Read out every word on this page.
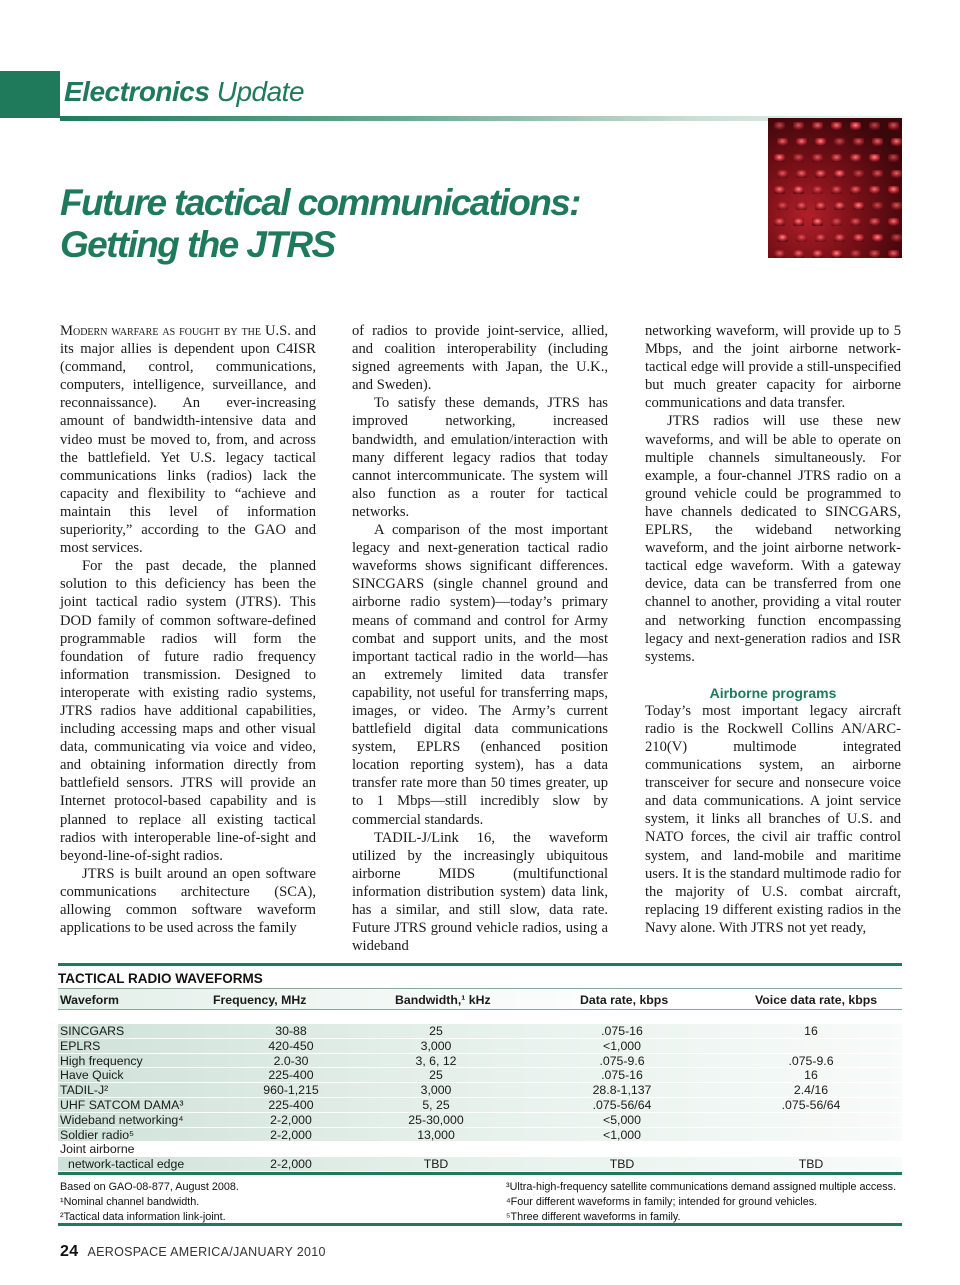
Electronics Update
Future tactical communications:
Getting the JTRS

Modern warfare as fought by the U.S. and its major allies is dependent upon C4ISR (command, control, communications, computers, intelligence, surveillance, and reconnaissance). An ever-increasing amount of bandwidth-intensive data and video must be moved to, from, and across the battlefield. Yet U.S. legacy tactical communications links (radios) lack the capacity and flexibility to “achieve and maintain this level of information superiority,” according to the GAO and most services.

For the past decade, the planned solution to this deficiency has been the joint tactical radio system (JTRS). This DOD family of common software-defined programmable radios will form the foundation of future radio frequency information transmission. Designed to interoperate with existing radio systems, JTRS radios have additional capabilities, including accessing maps and other visual data, communicating via voice and video, and obtaining information directly from battlefield sensors. JTRS will provide an Internet protocol-based capability and is planned to replace all existing tactical radios with interoperable line-of-sight and beyond-line-of-sight radios.

JTRS is built around an open software communications architecture (SCA), allowing common software waveform applications to be used across the family

of radios to provide joint-service, allied, and coalition interoperability (including signed agreements with Japan, the U.K., and Sweden).

To satisfy these demands, JTRS has improved networking, increased bandwidth, and emulation/interaction with many different legacy radios that today cannot intercommunicate. The system will also function as a router for tactical networks.

A comparison of the most important legacy and next-generation tactical radio waveforms shows significant differences. SINCGARS (single channel ground and airborne radio system)—today’s primary means of command and control for Army combat and support units, and the most important tactical radio in the world—has an extremely limited data transfer capability, not useful for transferring maps, images, or video. The Army’s current battlefield digital data communications system, EPLRS (enhanced position location reporting system), has a data transfer rate more than 50 times greater, up to 1 Mbps—still incredibly slow by commercial standards.

TADIL-J/Link 16, the waveform utilized by the increasingly ubiquitous airborne MIDS (multifunctional information distribution system) data link, has a similar, and still slow, data rate. Future JTRS ground vehicle radios, using a wideband

networking waveform, will provide up to 5 Mbps, and the joint airborne network-tactical edge will provide a still-unspecified but much greater capacity for airborne communications and data transfer.

JTRS radios will use these new waveforms, and will be able to operate on multiple channels simultaneously. For example, a four-channel JTRS radio on a ground vehicle could be programmed to have channels dedicated to SINCGARS, EPLRS, the wideband networking waveform, and the joint airborne network-tactical edge waveform. With a gateway device, data can be transferred from one channel to another, providing a vital router and networking function encompassing legacy and next-generation radios and ISR systems.

Airborne programs

Today’s most important legacy aircraft radio is the Rockwell Collins AN/ARC-210(V) multimode integrated communications system, an airborne transceiver for secure and nonsecure voice and data communications. A joint service system, it links all branches of U.S. and NATO forces, the civil air traffic control system, and land-mobile and maritime users. It is the standard multimode radio for the majority of U.S. combat aircraft, replacing 19 different existing radios in the Navy alone. With JTRS not yet ready,

TACTICAL RADIO WAVEFORMS
Waveform	Frequency, MHz	Bandwidth,¹ kHz	Data rate, kbps	Voice data rate, kbps
SINCGARS	30-88	25	.075-16	16
EPLRS	420-450	3,000	<1,000
High frequency	2.0-30	3, 6, 12	.075-9.6	.075-9.6
Have Quick	225-400	25	.075-16	16
TADIL-J²	960-1,215	3,000	28.8-1,137	2.4/16
UHF SATCOM DAMA³	225-400	5, 25	.075-56/64	.075-56/64
Wideband networking⁴	2-2,000	25-30,000	<5,000
Soldier radio⁵	2-2,000	13,000	<1,000
Joint airborne
network-tactical edge	2-2,000	TBD	TBD	TBD
Based on GAO-08-877, August 2008.
¹Nominal channel bandwidth.
²Tactical data information link-joint.
³Ultra-high-frequency satellite communications demand assigned multiple access.
⁴Four different waveforms in family; intended for ground vehicles.
⁵Three different waveforms in family.
24 AEROSPACE AMERICA/JANUARY 2010
